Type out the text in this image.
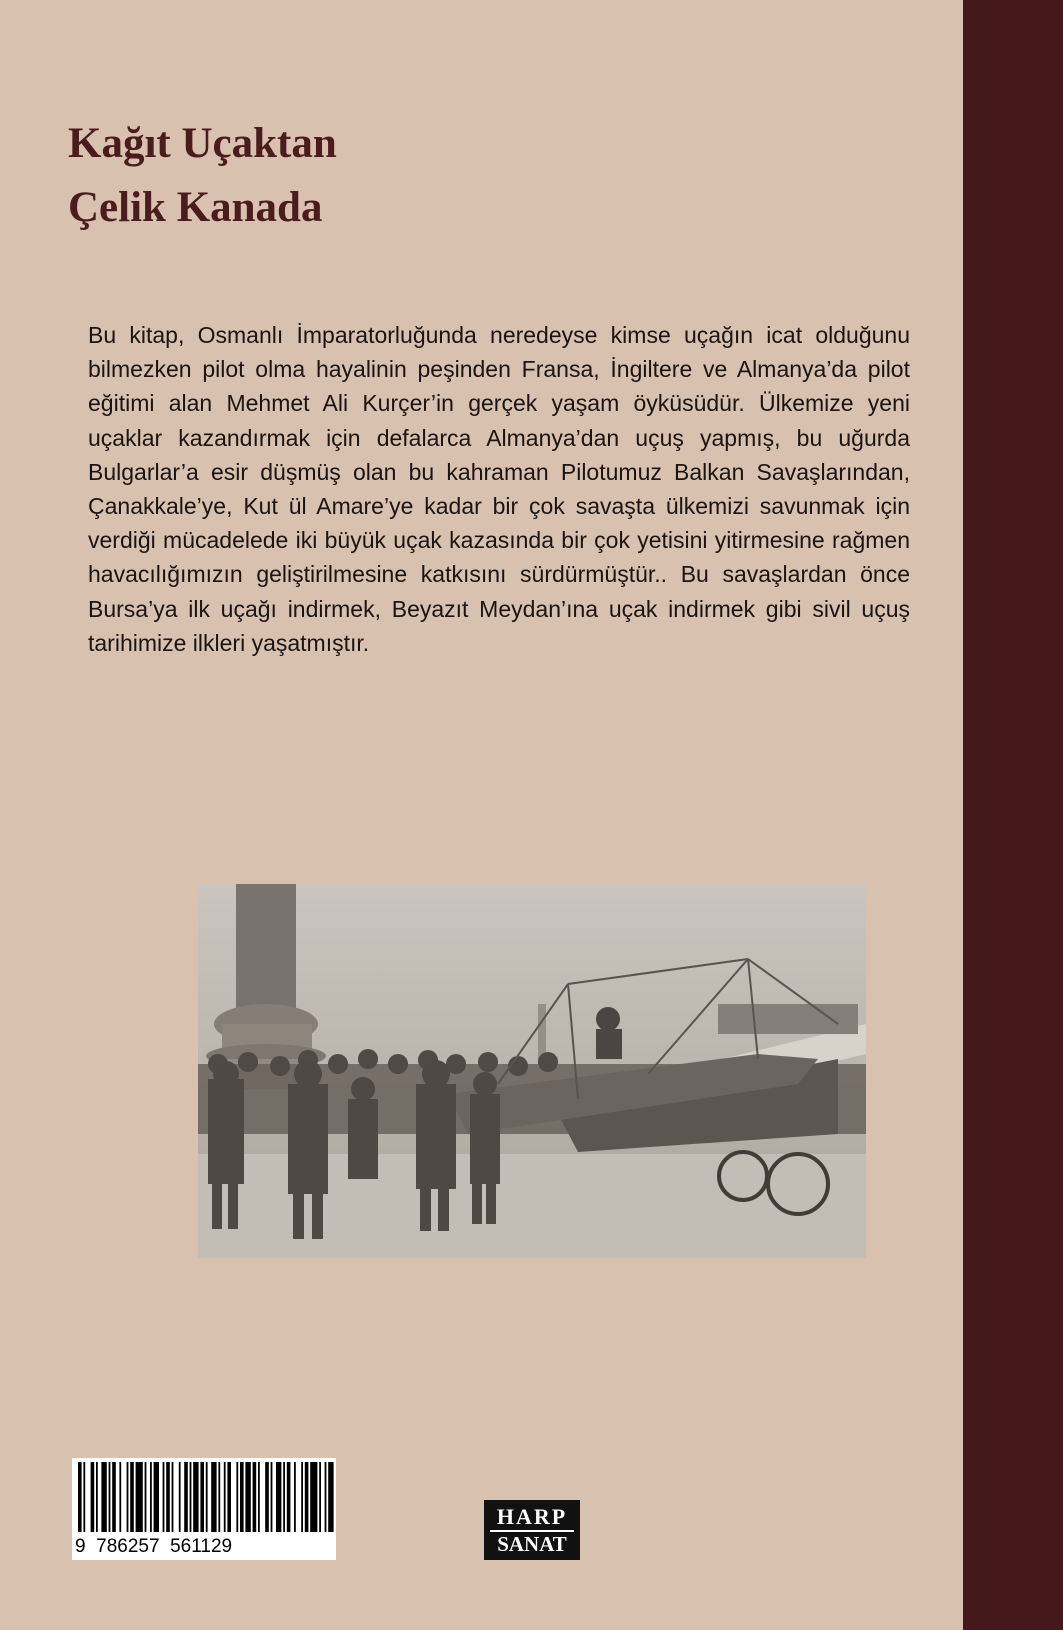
Kağıt Uçaktan
Çelik Kanada
Bu kitap, Osmanlı İmparatorluğunda neredeyse kimse uçağın icat olduğunu bilmezken pilot olma hayalinin peşinden Fransa, İngiltere ve Almanya’da pilot eğitimi alan Mehmet Ali Kurçer’in gerçek yaşam öyküsüdür. Ülkemize yeni uçaklar kazandırmak için defalarca Almanya’dan uçuş yapmış, bu uğurda Bulgarlar’a esir düşmüş olan bu kahraman Pilotumuz Balkan Savaşlarından, Çanakkale’ye, Kut ül Amare’ye kadar bir çok savaşta ülkemizi savunmak için verdiği mücadelede iki büyük uçak kazasında bir çok yetisini yitirmesine rağmen havacılığımızın geliştirilmesine katkısını sürdürmüştür.. Bu savaşlardan önce Bursa’ya ilk uçağı indirmek, Beyazıt Meydan’ına uçak indirmek gibi sivil uçuş tarihimize ilkleri yaşatmıştır.
9  786257  561129
HARP
SANAT
